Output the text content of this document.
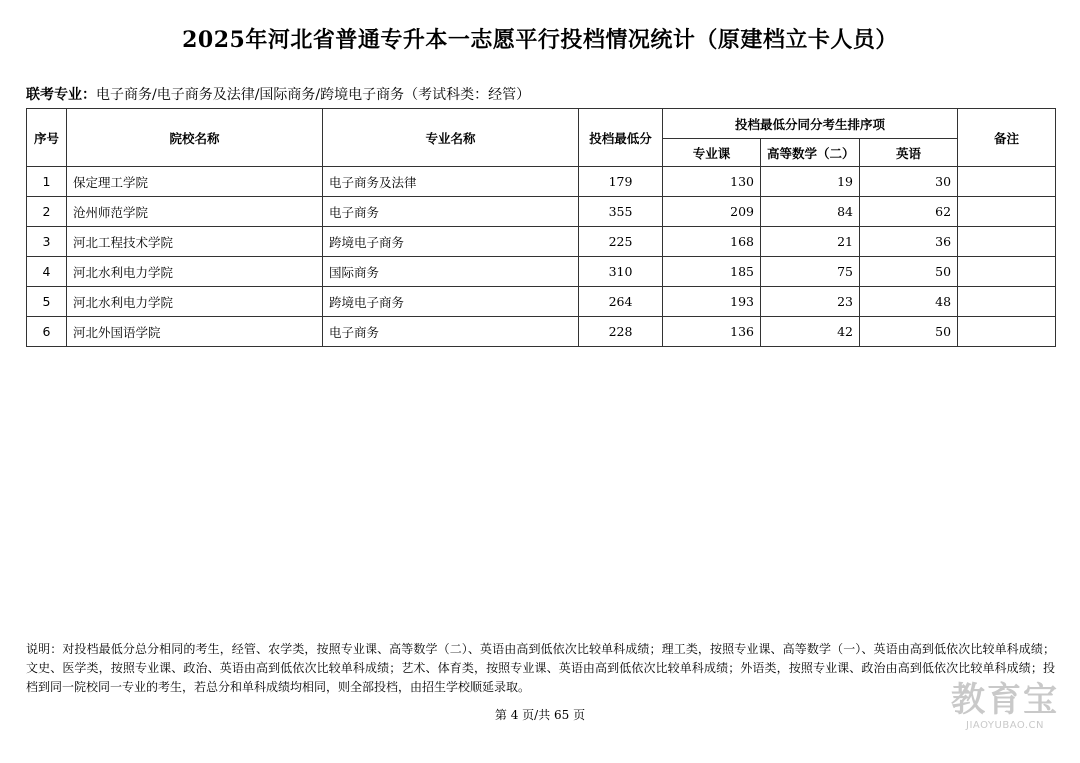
2025年河北省普通专升本一志愿平行投档情况统计（原建档立卡人员）
联考专业：电子商务/电子商务及法律/国际商务/跨境电子商务（考试科类：经管）
序号	院校名称	专业名称	投档最低分	投档最低分同分考生排序项			备注
				专业课	高等数学（二）	英语	
1	保定理工学院	电子商务及法律	179	130	19	30	
2	沧州师范学院	电子商务	355	209	84	62	
3	河北工程技术学院	跨境电子商务	225	168	21	36	
4	河北水利电力学院	国际商务	310	185	75	50	
5	河北水利电力学院	跨境电子商务	264	193	23	48	
6	河北外国语学院	电子商务	228	136	42	50	
说明：对投档最低分总分相同的考生，经管、农学类，按照专业课、高等数学（二）、英语由高到低依次比较单科成绩；理工类，按照专业课、高等数学（一）、英语由高到低依次比较单科成绩；文史、医学类，按照专业课、政治、英语由高到低依次比较单科成绩；艺术、体育类，按照专业课、英语由高到低依次比较单科成绩；外语类，按照专业课、政治由高到低依次比较单科成绩；投档到同一院校同一专业的考生，若总分和单科成绩均相同，则全部投档，由招生学校顺延录取。
第 4 页/共 65 页	教育宝
JIAOYUBAO.CN
